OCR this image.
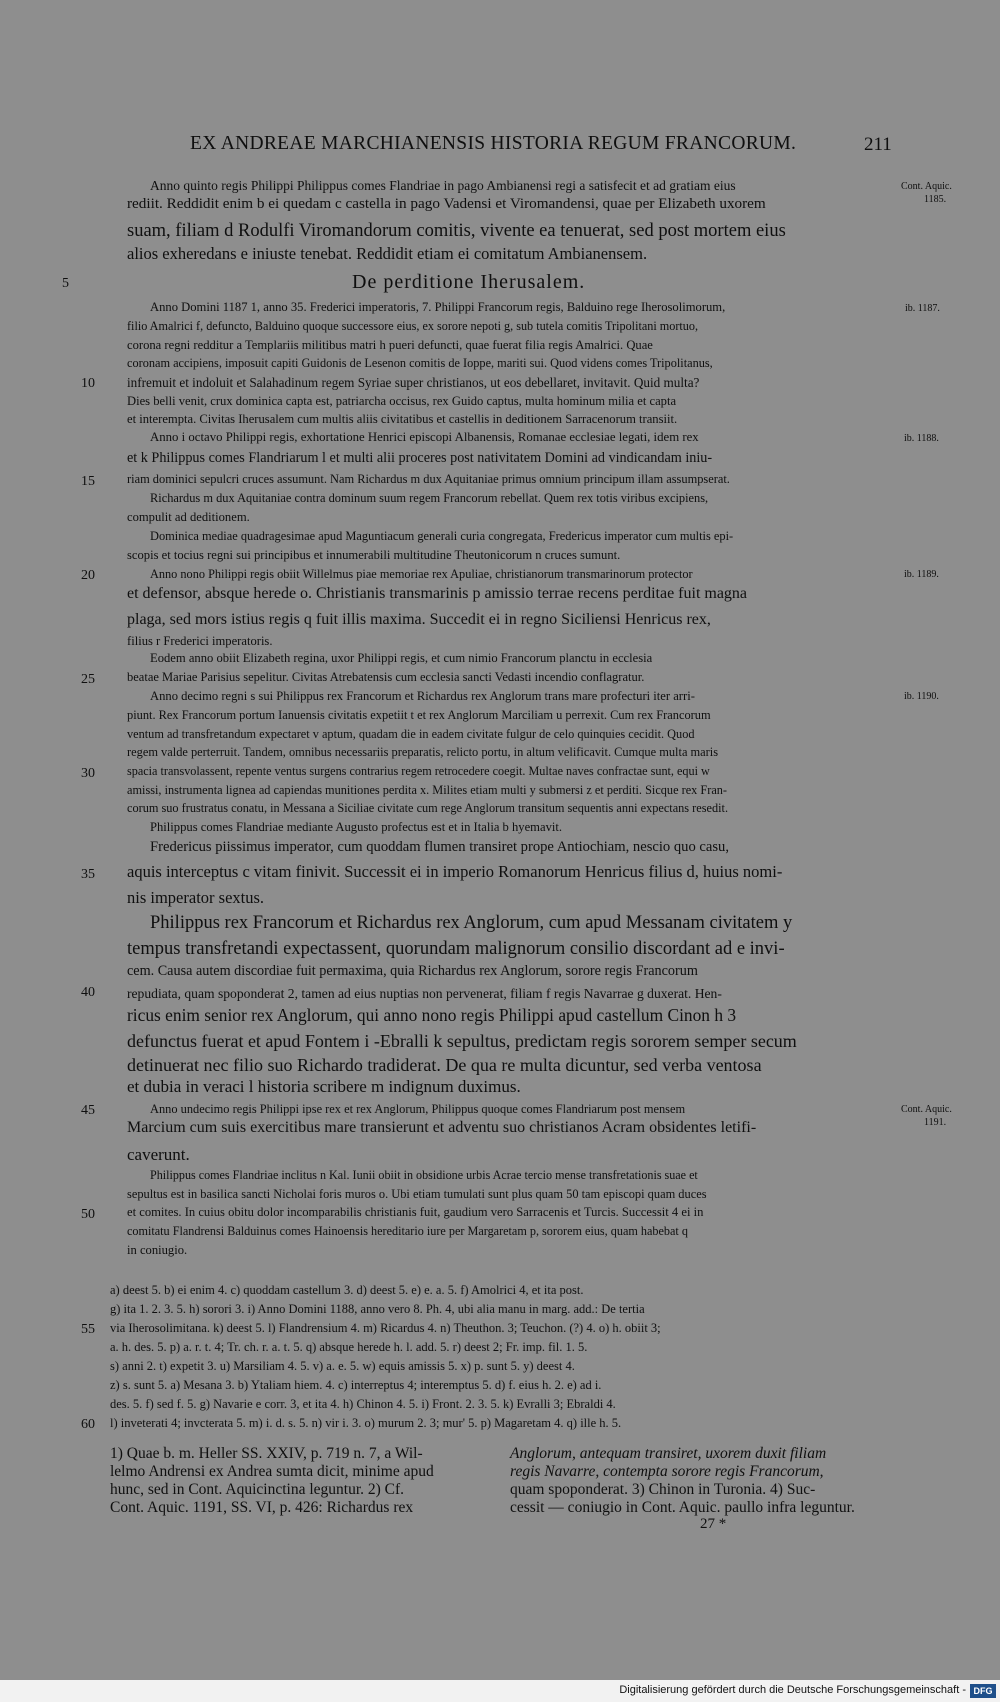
EX ANDREAE MARCHIANENSIS HISTORIA REGUM FRANCORUM.	211
Anno quinto regis Philippi Philippus comes Flandriae in pago Ambianensi regi a satisfecit et ad gratiam eius
rediit. Reddidit enim b ei quedam c castella in pago Vadensi et Viromandensi, quae per Elizabeth uxorem
suam, filiam d Rodulfi Viromandorum comitis, vivente ea tenuerat, sed post mortem eius
alios exheredans e iniuste tenebat. Reddidit etiam ei comitatum Ambianensem.
De perditione Iherusalem.
Anno Domini 1187 1, anno 35. Frederici imperatoris, 7. Philippi Francorum regis, Balduino rege Iherosolimorum,
filio Amalrici f, defuncto, Balduino quoque successore eius, ex sorore nepoti g, sub tutela comitis Tripolitani mortuo,
corona regni redditur a Templariis militibus matri h pueri defuncti, quae fuerat filia regis Amalrici. Quae
coronam accipiens, imposuit capiti Guidonis de Lesenon comitis de Ioppe, mariti sui. Quod videns comes Tripolitanus,
infremuit et indoluit et Salahadinum regem Syriae super christianos, ut eos debellaret, invitavit. Quid multa?
Dies belli venit, crux dominica capta est, patriarcha occisus, rex Guido captus, multa hominum milia et capta
et interempta. Civitas Iherusalem cum multis aliis civitatibus et castellis in deditionem Sarracenorum transiit.
Anno i octavo Philippi regis, exhortatione Henrici episcopi Albanensis, Romanae ecclesiae legati, idem rex
et k Philippus comes Flandriarum l et multi alii proceres post nativitatem Domini ad vindicandam iniu-
riam dominici sepulcri cruces assumunt. Nam Richardus m dux Aquitaniae primus omnium principum illam assumpserat.
Richardus m dux Aquitaniae contra dominum suum regem Francorum rebellat. Quem rex totis viribus excipiens,
compulit ad deditionem.
Dominica mediae quadragesimae apud Maguntiacum generali curia congregata, Fredericus imperator cum multis epi-
scopis et tocius regni sui principibus et innumerabili multitudine Theutonicorum n cruces sumunt.
Anno nono Philippi regis obiit Willelmus piae memoriae rex Apuliae, christianorum transmarinorum protector
et defensor, absque herede o. Christianis transmarinis p amissio terrae recens perditae fuit magna
plaga, sed mors istius regis q fuit illis maxima. Succedit ei in regno Siciliensi Henricus rex,
filius r Frederici imperatoris.
Eodem anno obiit Elizabeth regina, uxor Philippi regis, et cum nimio Francorum planctu in ecclesia
beatae Mariae Parisius sepelitur. Civitas Atrebatensis cum ecclesia sancti Vedasti incendio conflagratur.
Anno decimo regni s sui Philippus rex Francorum et Richardus rex Anglorum trans mare profecturi iter arri-
piunt. Rex Francorum portum Ianuensis civitatis expetiit t et rex Anglorum Marciliam u perrexit. Cum rex Francorum
ventum ad transfretandum expectaret v aptum, quadam die in eadem civitate fulgur de celo quinquies cecidit. Quod
regem valde perterruit. Tandem, omnibus necessariis preparatis, relicto portu, in altum velificavit. Cumque multa maris
spacia transvolassent, repente ventus surgens contrarius regem retrocedere coegit. Multae naves confractae sunt, equi w
amissi, instrumenta lignea ad capiendas munitiones perdita x. Milites etiam multi y submersi z et perditi. Sicque rex Fran-
corum suo frustratus conatu, in Messana a Siciliae civitate cum rege Anglorum transitum sequentis anni expectans resedit.
Philippus comes Flandriae mediante Augusto profectus est et in Italia b hyemavit.
Fredericus piissimus imperator, cum quoddam flumen transiret prope Antiochiam, nescio quo casu,
aquis interceptus c vitam finivit. Successit ei in imperio Romanorum Henricus filius d, huius nomi-
nis imperator sextus.
Philippus rex Francorum et Richardus rex Anglorum, cum apud Messanam civitatem y
tempus transfretandi expectassent, quorundam malignorum consilio discordant ad e invi-
cem. Causa autem discordiae fuit permaxima, quia Richardus rex Anglorum, sorore regis Francorum
repudiata, quam spoponderat 2, tamen ad eius nuptias non pervenerat, filiam f regis Navarrae g duxerat. Hen-
ricus enim senior rex Anglorum, qui anno nono regis Philippi apud castellum Cinon h 3
defunctus fuerat et apud Fontem i -Ebralli k sepultus, predictam regis sororem semper secum
detinuerat nec filio suo Richardo tradiderat. De qua re multa dicuntur, sed verba ventosa
et dubia in veraci l historia scribere m indignum duximus.
Anno undecimo regis Philippi ipse rex et rex Anglorum, Philippus quoque comes Flandriarum post mensem
Marcium cum suis exercitibus mare transierunt et adventu suo christianos Acram obsidentes letifi-
caverunt.
Philippus comes Flandriae inclitus n Kal. Iunii obiit in obsidione urbis Acrae tercio mense transfretationis suae et
sepultus est in basilica sancti Nicholai foris muros o. Ubi etiam tumulati sunt plus quam 50 tam episcopi quam duces
et comites. In cuius obitu dolor incomparabilis christianis fuit, gaudium vero Sarracenis et Turcis. Successit 4 ei in
comitatu Flandrensi Balduinus comes Hainoensis hereditario iure per Margaretam p, sororem eius, quam habebat q
in coniugio.
5
10
15
20
25
30
35
40
45
50
Cont. Aquic.
1185.
ib. 1187.
ib. 1188.
ib. 1189.
ib. 1190.
Cont. Aquic.
1191.
a) deest 5. b) ei enim 4. c) quoddam castellum 3. d) deest 5. e) e. a. 5. f) Amolrici 4, et ita post.
g) ita 1. 2. 3. 5. h) sorori 3. i) Anno Domini 1188, anno vero 8. Ph. 4, ubi alia manu in marg. add.: De tertia
via Iherosolimitana. k) deest 5. l) Flandrensium 4. m) Ricardus 4. n) Theuthon. 3; Teuchon. (?) 4. o) h. obiit 3;
a. h. des. 5. p) a. r. t. 4; Tr. ch. r. a. t. 5. q) absque herede h. l. add. 5. r) deest 2; Fr. imp. fil. 1. 5.
s) anni 2. t) expetit 3. u) Marsiliam 4. 5. v) a. e. 5. w) equis amissis 5. x) p. sunt 5. y) deest 4.
z) s. sunt 5. a) Mesana 3. b) Ytaliam hiem. 4. c) interreptus 4; interemptus 5. d) f. eius h. 2. e) ad i.
des. 5. f) sed f. 5. g) Navarie e corr. 3, et ita 4. h) Chinon 4. 5. i) Front. 2. 3. 5. k) Evralli 3; Ebraldi 4.
l) inveterati 4; invcterata 5. m) i. d. s. 5. n) vir i. 3. o) murum 2. 3; mur' 5. p) Magaretam 4. q) ille h. 5.
55
60
1) Quae b. m. Heller SS. XXIV, p. 719 n. 7, a Wil-
lelmo Andrensi ex Andrea sumta dicit, minime apud
hunc, sed in Cont. Aquicinctina leguntur. 2) Cf.
Cont. Aquic. 1191, SS. VI, p. 426: Richardus rex
Anglorum, antequam transiret, uxorem duxit filiam
regis Navarre, contempta sorore regis Francorum,
quam spoponderat. 3) Chinon in Turonia. 4) Suc-
cessit — coniugio in Cont. Aquic. paullo infra leguntur.
27 *
Digitalisierung gefördert durch die Deutsche Forschungsgemeinschaft - DFG
